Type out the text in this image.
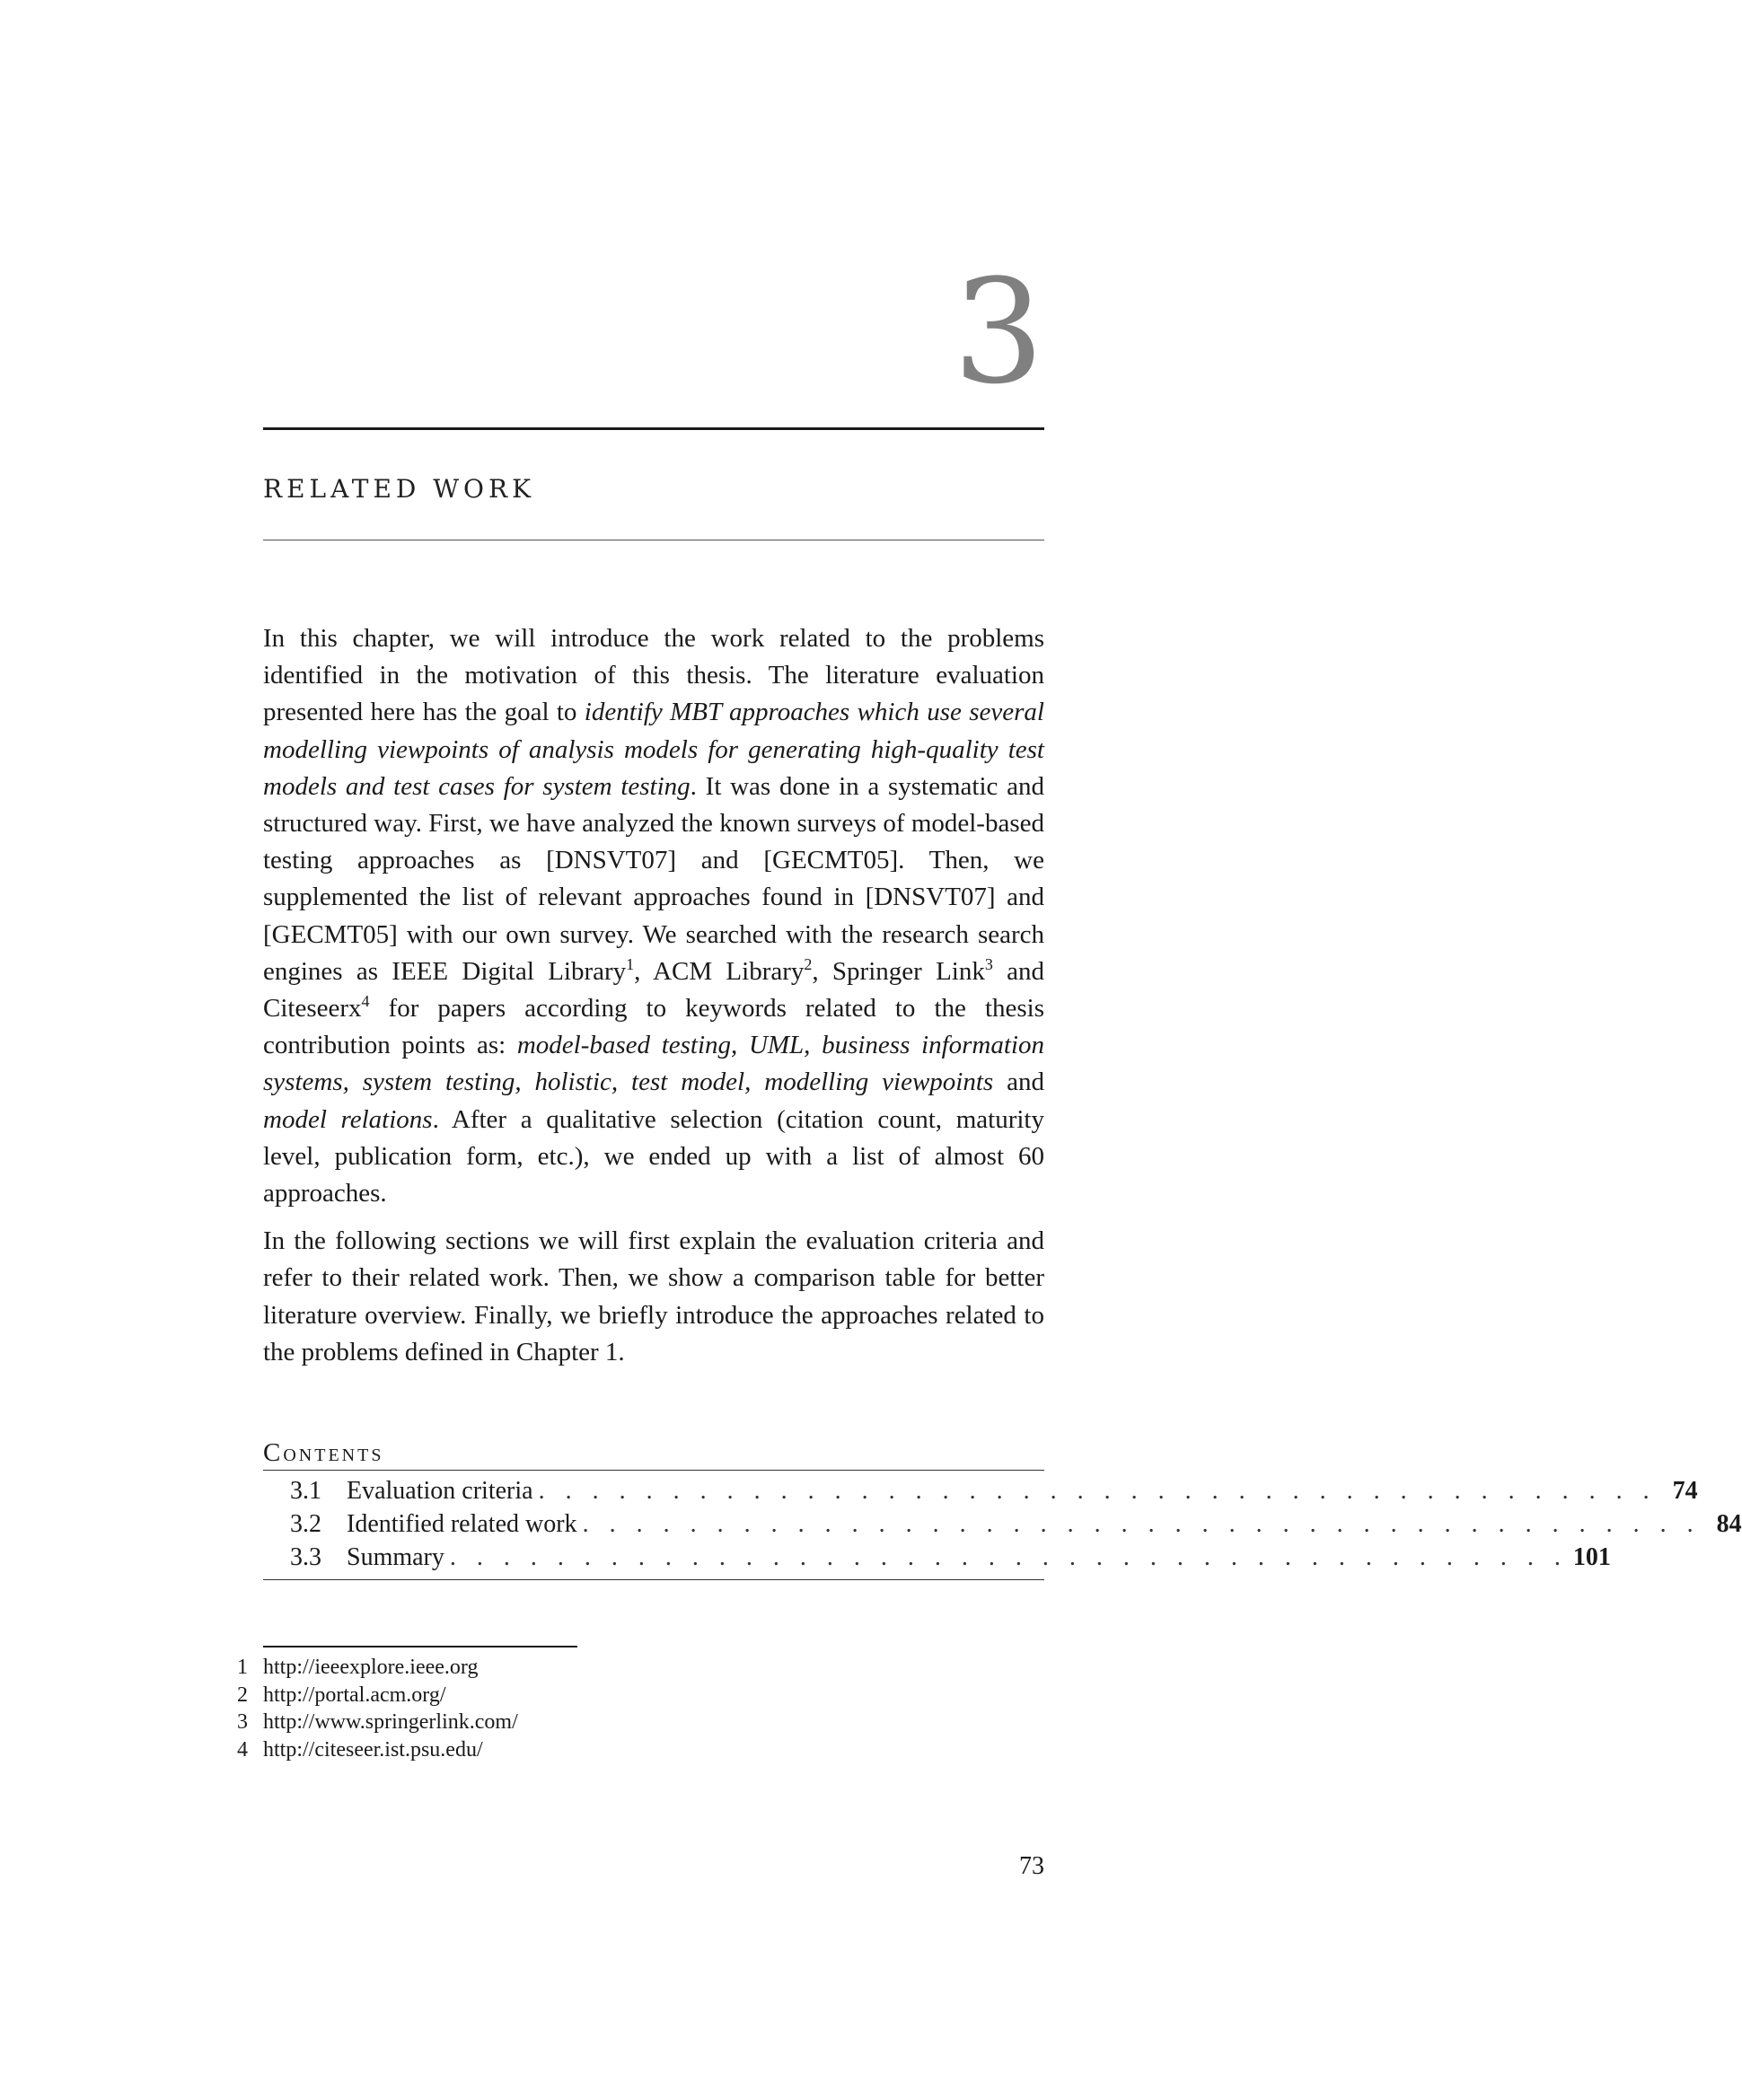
3
RELATED WORK

In this chapter, we will introduce the work related to the problems identified in the motivation of this thesis. The literature evaluation presented here has the goal to identify MBT approaches which use several modelling viewpoints of analysis models for generating high-quality test models and test cases for system testing. It was done in a systematic and structured way. First, we have analyzed the known surveys of model-based testing approaches as [DNSVT07] and [GECMT05]. Then, we supplemented the list of relevant approaches found in [DNSVT07] and [GECMT05] with our own survey. We searched with the research search engines as IEEE Digital Library$^1$, ACM Library$^2$, Springer Link$^3$ and Citeseerx$^4$ for papers according to keywords related to the thesis contribution points as: model-based testing, UML, business information systems, system testing, holistic, test model, modelling viewpoints and model relations. After a qualitative selection (citation count, maturity level, publication form, etc.), we ended up with a list of almost 60 approaches.

In the following sections we will first explain the evaluation criteria and refer to their related work. Then, we show a comparison table for better literature overview. Finally, we briefly introduce the approaches related to the problems defined in Chapter 1.

Contents
3.1	Evaluation criteria . . . . . . . . . . . . . . . . . . . . . . . . . . . . . . . . . . . . . . . . . . 74
3.2	Identified related work . . . . . . . . . . . . . . . . . . . . . . . . . . . . . . . . . . . . . . . . . . 84
3.3	Summary . . . . . . . . . . . . . . . . . . . . . . . . . . . . . . . . . . . . . . . . . . 101
1 http://ieeexplore.ieee.org
2 http://portal.acm.org/
3 http://www.springerlink.com/
4 http://citeseer.ist.psu.edu/
73
